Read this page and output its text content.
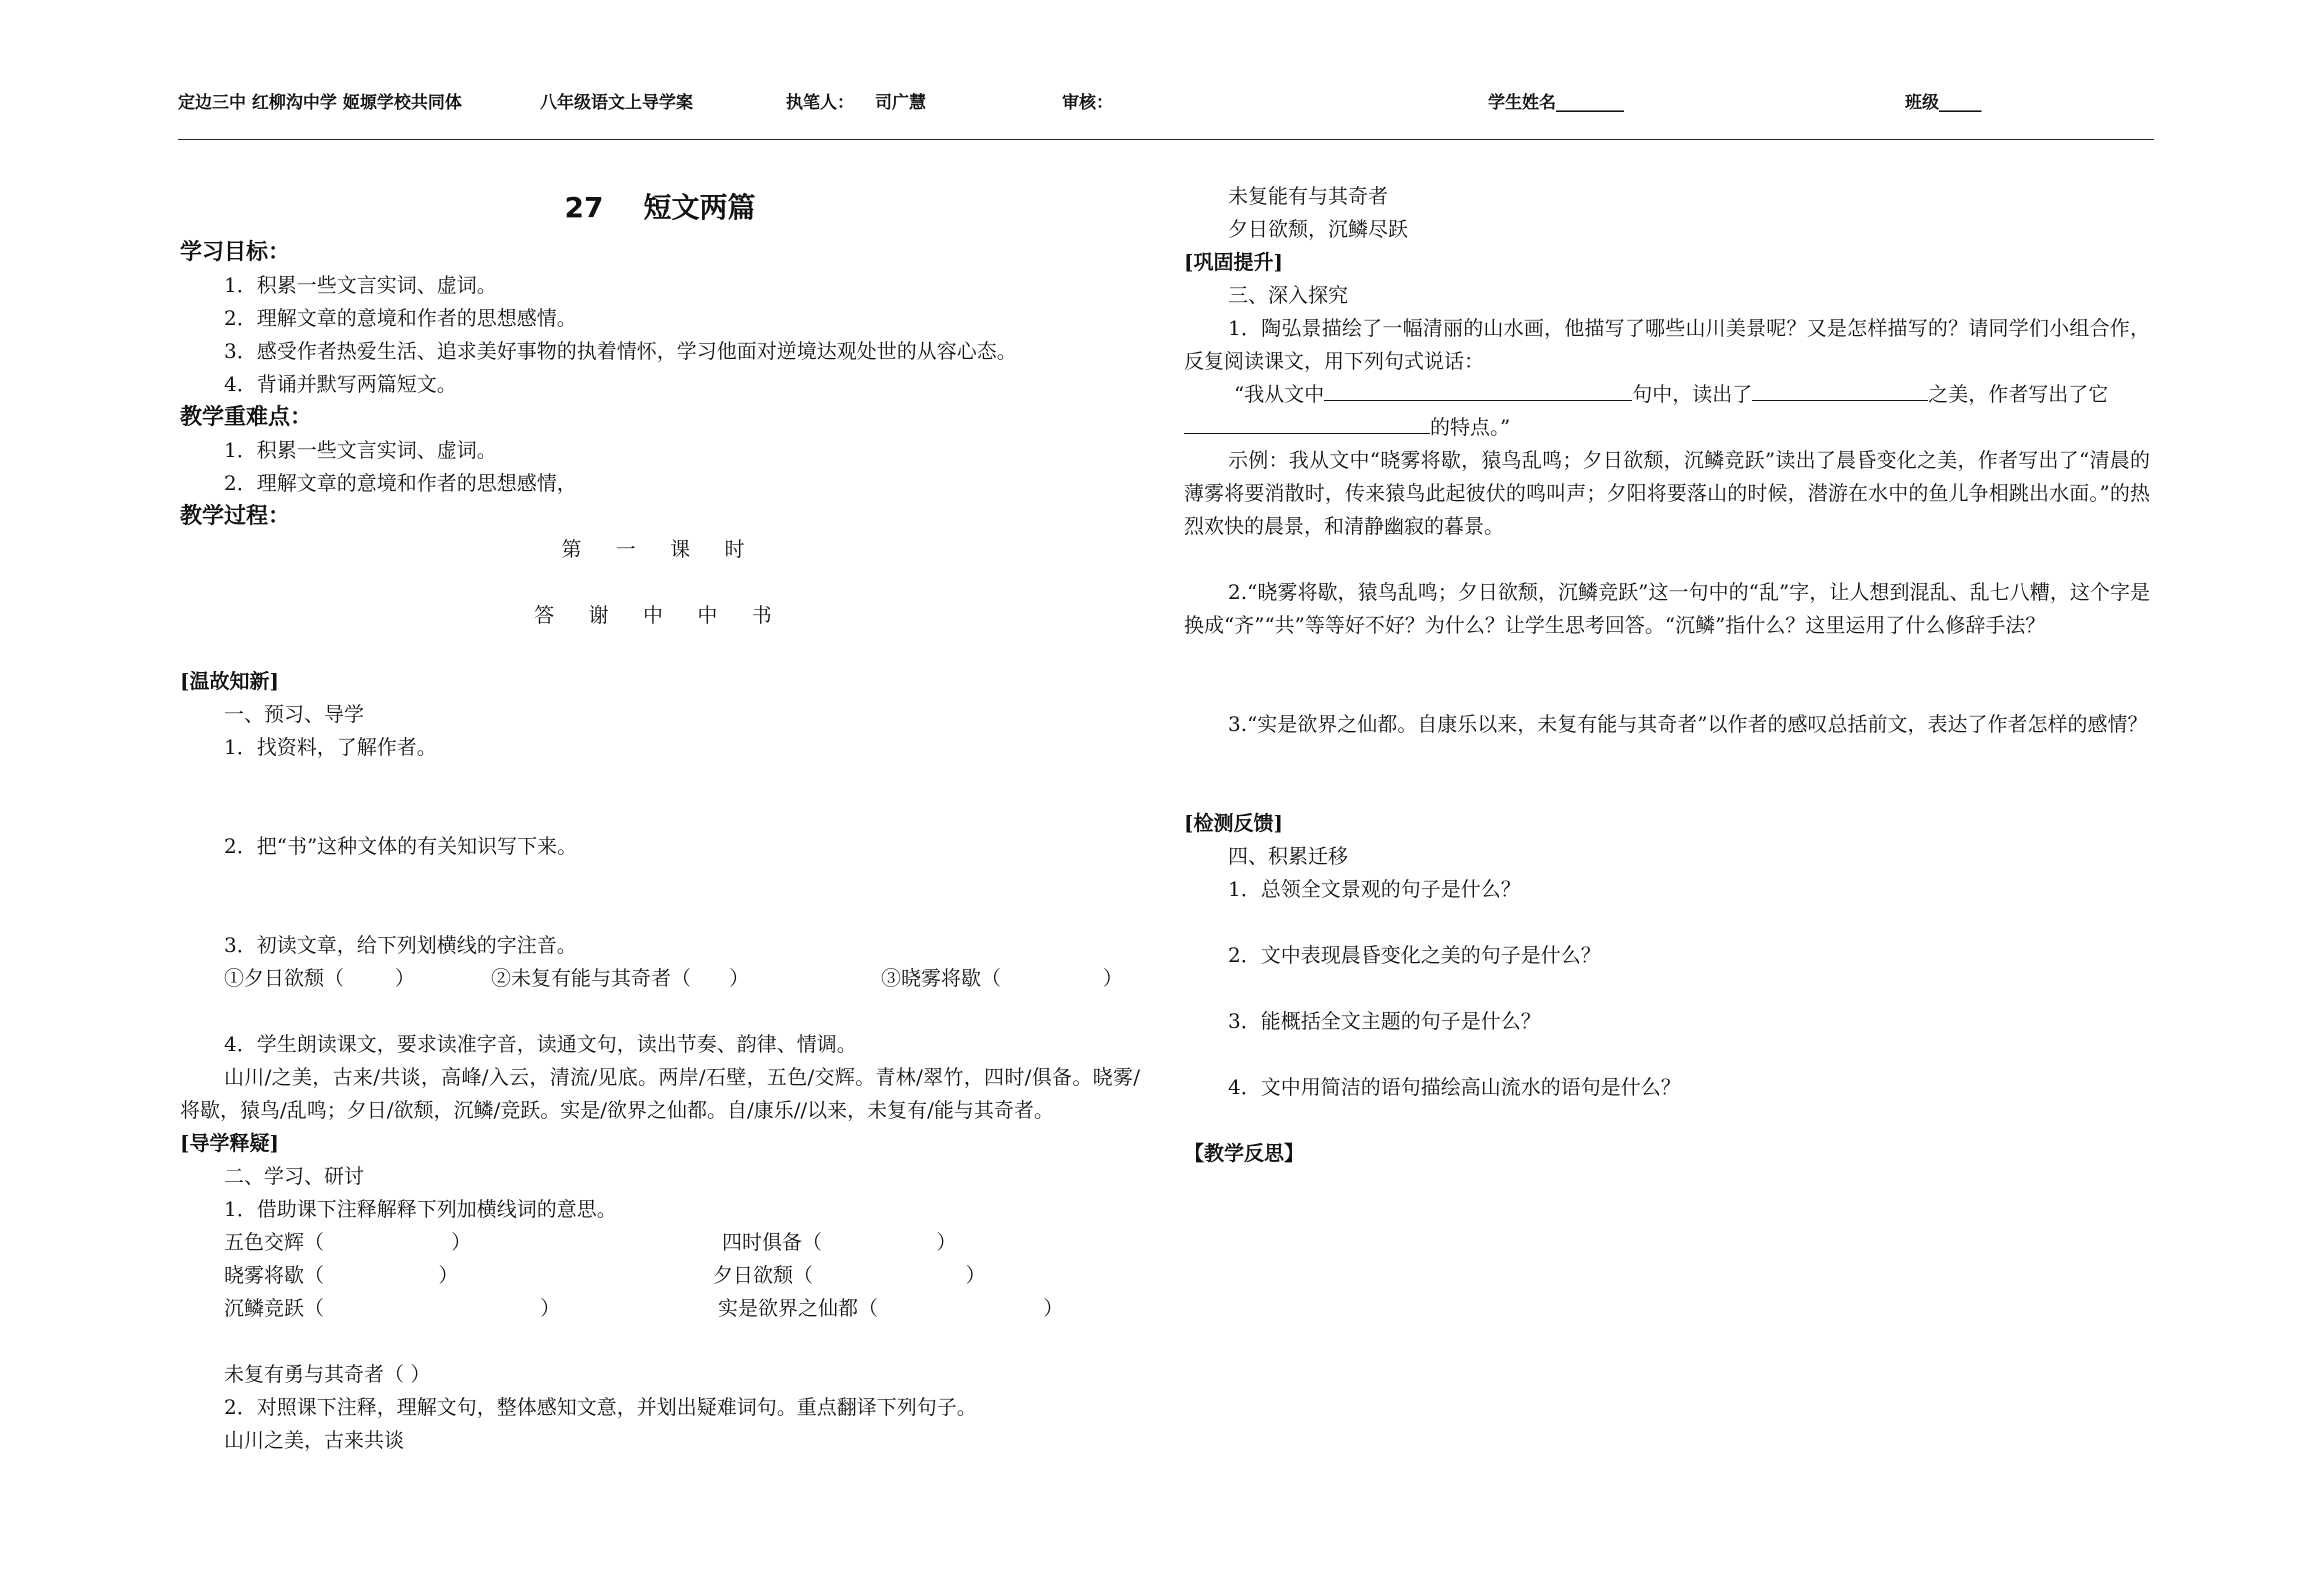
定边三中 红柳沟中学 姬塬学校共同体	八年级语文上导学案	执笔人： 司广慧	审核：	学生姓名________	班级_____
27 短文两篇
学习目标：
1．积累一些文言实词、虚词。
2．理解文章的意境和作者的思想感情。
3．感受作者热爱生活、追求美好事物的执着情怀，学习他面对逆境达观处世的从容心态。
4．背诵并默写两篇短文。
教学重难点：
1．积累一些文言实词、虚词。
2．理解文章的意境和作者的思想感情，
教学过程：
第 一 课 时
答 谢 中 中 书
[温故知新]
一、预习、导学
1．找资料，了解作者。
2．把“书”这种文体的有关知识写下来。
3．初读文章，给下列划横线的字注音。
①夕日欲颓（        ）	②未复有能与其奇者（      ）	③晓雾将歇（                ）
4．学生朗读课文，要求读准字音，读通文句，读出节奏、韵律、情调。
山川/之美，古来/共谈，高峰/入云，清流/见底。两岸/石壁，五色/交辉。青林/翠竹，四时/俱备。晓雾/将歇，猿鸟/乱鸣；夕日/欲颓，沉鳞/竞跃。实是/欲界之仙都。自/康乐//以来，未复有/能与其奇者。
[导学释疑]
二、学习、研讨
1．借助课下注释解释下列加横线词的意思。
五色交辉（                    ）	四时俱备（                  ）
晓雾将歇（                  ）	夕日欲颓（                        ）
沉鳞竞跃（                                  ）	实是欲界之仙都（                          ）
未复有勇与其奇者（ ）
2．对照课下注释，理解文句，整体感知文意，并划出疑难词句。重点翻译下列句子。
山川之美，古来共谈
未复能有与其奇者
夕日欲颓，沉鳞尽跃
[巩固提升]
三、深入探究
1．陶弘景描绘了一幅清丽的山水画，他描写了哪些山川美景呢？又是怎样描写的？请同学们小组合作，反复阅读课文，用下列句式说话：
“我从文中	句中，读出了	之美，作者写出了它
的特点。”
示例：我从文中“晓雾将歇，猿鸟乱鸣；夕日欲颓，沉鳞竞跃”读出了晨昏变化之美，作者写出了“清晨的薄雾将要消散时，传来猿鸟此起彼伏的鸣叫声；夕阳将要落山的时候，潜游在水中的鱼儿争相跳出水面。”的热烈欢快的晨景，和清静幽寂的暮景。
2.“晓雾将歇，猿鸟乱鸣；夕日欲颓，沉鳞竞跃”这一句中的“乱”字，让人想到混乱、乱七八糟，这个字是换成“齐”“共”等等好不好？为什么？让学生思考回答。“沉鳞”指什么？这里运用了什么修辞手法？
3.“实是欲界之仙都。自康乐以来，未复有能与其奇者”以作者的感叹总括前文，表达了作者怎样的感情？
[检测反馈]
四、积累迁移
1．总领全文景观的句子是什么？
2．文中表现晨昏变化之美的句子是什么？
3．能概括全文主题的句子是什么？
4．文中用简洁的语句描绘高山流水的语句是什么？
【教学反思】
